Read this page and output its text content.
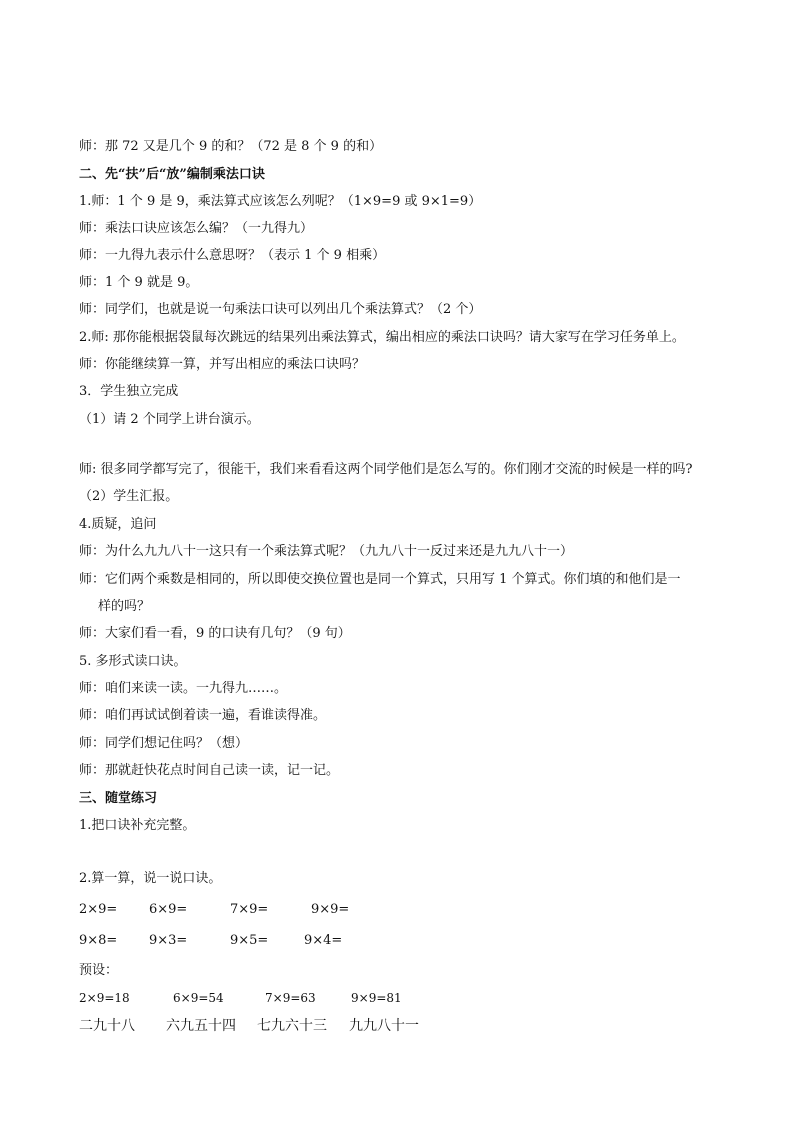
师：那 72 又是几个 9 的和？（72 是 8 个 9 的和）
二、先“扶”后“放”编制乘法口诀
1.师：1 个 9 是 9，乘法算式应该怎么列呢？（1×9=9 或 9×1=9）
师：乘法口诀应该怎么编？（一九得九）
师：一九得九表示什么意思呀？（表示 1 个 9 相乘）
师：1 个 9 就是 9。
师：同学们，也就是说一句乘法口诀可以列出几个乘法算式？（2 个）
2.师: 那你能根据袋鼠每次跳远的结果列出乘法算式，编出相应的乘法口诀吗？请大家写在学习任务单上。
师：你能继续算一算，并写出相应的乘法口诀吗？
3．学生独立完成
（1）请 2 个同学上讲台演示。
师: 很多同学都写完了，很能干，我们来看看这两个同学他们是怎么写的。你们刚才交流的时候是一样的吗?
（2）学生汇报。
4.质疑，追问
师：为什么九九八十一这只有一个乘法算式呢？（九九八十一反过来还是九九八十一）
师：它们两个乘数是相同的，所以即使交换位置也是同一个算式，只用写 1 个算式。你们填的和他们是一
样的吗？
师：大家们看一看，9 的口诀有几句？（9 句）
5. 多形式读口诀。
师：咱们来读一读。一九得九……。
师：咱们再试试倒着读一遍，看谁读得准。
师：同学们想记住吗？（想）
师：那就赶快花点时间自己读一读，记一记。
三、随堂练习
1.把口诀补充完整。
2.算一算，说一说口诀。
2×9= 6×9=	7×9=	9×9=
9×8= 9×3=	9×5=	9×4=
预设：
2×9=18	6×9=54	7×9=63	9×9=81
二九十八 六九五十四 七九六十三 九九八十一
